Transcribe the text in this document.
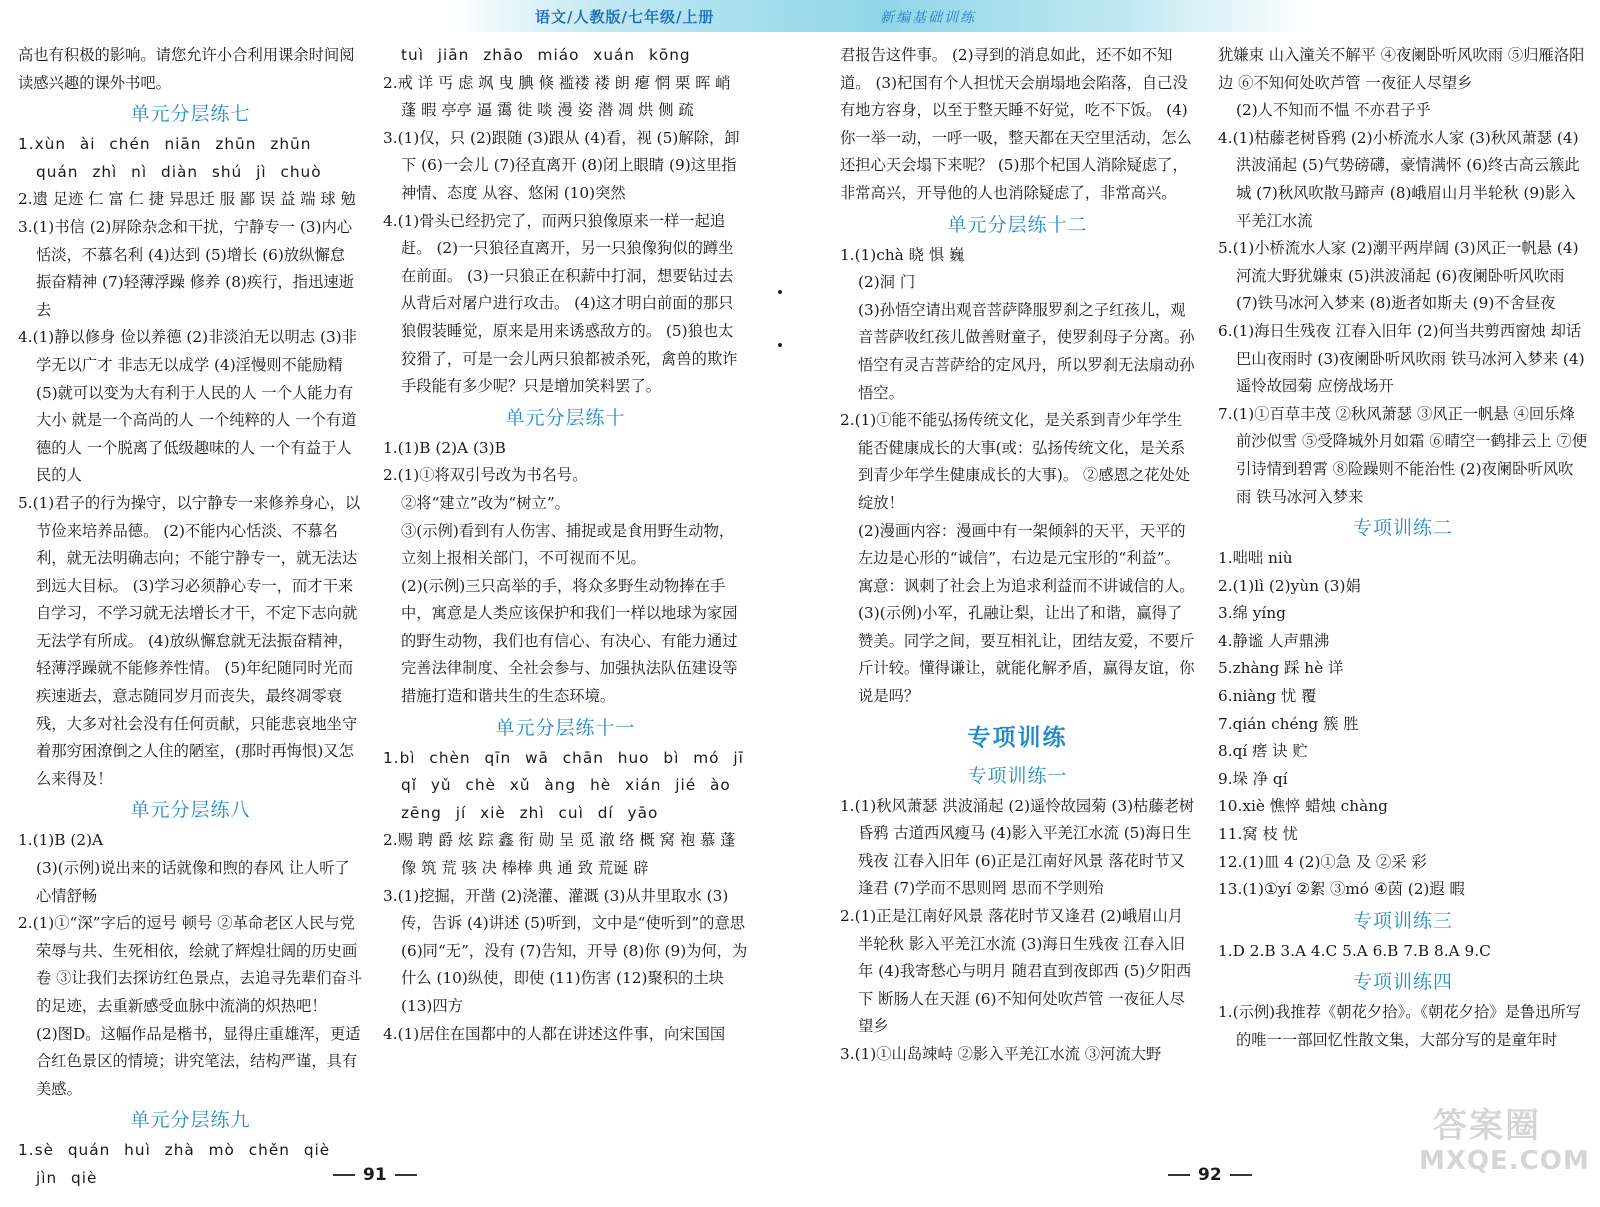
语文/人教版/七年级/上册	新编基础训练

高也有积极的影响。请您允许小合利用课余时间阅读感兴趣的课外书吧。

单元分层练七

1.xùn ài chén niān zhūn zhūn quán zhì nì diàn shú jì chuò

2.遗 足迹 仁 富 仁 捷 异思迁 服 鄙 误 益 端 球 勉

3.(1)书信 (2)屏除杂念和干扰，宁静专一 (3)内心恬淡，不慕名利 (4)达到 (5)增长 (6)放纵懈怠 振奋精神 (7)轻薄浮躁 修养 (8)疾行，指迅速逝去

4.(1)静以修身 俭以养德 (2)非淡泊无以明志 (3)非学无以广才 非志无以成学 (4)淫慢则不能励精 (5)就可以变为大有利于人民的人 一个人能力有大小 就是一个高尚的人 一个纯粹的人 一个有道德的人 一个脱离了低级趣味的人 一个有益于人民的人

5.(1)君子的行为操守，以宁静专一来修养身心，以节俭来培养品德。 (2)不能内心恬淡、不慕名利，就无法明确志向；不能宁静专一，就无法达到远大目标。 (3)学习必须静心专一，而才干来自学习，不学习就无法增长才干，不定下志向就无法学有所成。 (4)放纵懈怠就无法振奋精神，轻薄浮躁就不能修养性情。 (5)年纪随同时光而疾速逝去，意志随同岁月而丧失，最终凋零衰残，大多对社会没有任何贡献，只能悲哀地坐守着那穷困潦倒之人住的陋室，(那时再悔恨)又怎么来得及！

单元分层练八

1.(1)B (2)A

(3)(示例)说出来的话就像和煦的春风 让人听了心情舒畅

2.(1)①“深”字后的逗号 顿号 ②革命老区人民与党荣辱与共、生死相依，绘就了辉煌壮阔的历史画卷 ③让我们去探访红色景点，去追寻先辈们奋斗的足迹，去重新感受血脉中流淌的炽热吧！

(2)图D。这幅作品是楷书，显得庄重雄浑，更适合红色景区的情境；讲究笔法，结构严谨，具有美感。

单元分层练九

1.sè quán huì zhà mò chěn qiè jìn qiè

tuì jiān zhāo miáo xuán kōng

2.戒 详 丐 虑 飒 曳 腆 倏 褴褛 褛 朗 瘪 惘 栗 晖 峭 蓬 暇 亭亭 逼 霭 徙 啖 漫 姿 潜 凋 烘 侧 疏

3.(1)仅，只 (2)跟随 (3)跟从 (4)看，视 (5)解除，卸下 (6)一会儿 (7)径直离开 (8)闭上眼睛 (9)这里指神情、态度 从容、悠闲 (10)突然

4.(1)骨头已经扔完了，而两只狼像原来一样一起追赶。 (2)一只狼径直离开，另一只狼像狗似的蹲坐在前面。 (3)一只狼正在积薪中打洞，想要钻过去从背后对屠户进行攻击。 (4)这才明白前面的那只狼假装睡觉，原来是用来诱惑敌方的。 (5)狼也太狡猾了，可是一会儿两只狼都被杀死，禽兽的欺诈手段能有多少呢？只是增加笑料罢了。

单元分层练十

1.(1)B (2)A (3)B

2.(1)①将双引号改为书名号。

②将“建立”改为“树立”。

③(示例)看到有人伤害、捕捉或是食用野生动物，立刻上报相关部门，不可视而不见。

(2)(示例)三只高举的手，将众多野生动物捧在手中，寓意是人类应该保护和我们一样以地球为家园的野生动物，我们也有信心、有决心、有能力通过完善法律制度、全社会参与、加强执法队伍建设等措施打造和谐共生的生态环境。

单元分层练十一

1.bì chèn qīn wā chān huo bì mó jī qǐ yǔ chè xǔ àng hè xián jié ào zēng jí xiè zhì cuì dí yāo

2.赐 聘 爵 炫 踪 鑫 衔 勋 呈 觅 澈 络 概 窝 袍 慕 蓬 像 筑 荒 骇 决 棒棒 典 通 致 荒诞 辟

3.(1)挖掘，开凿 (2)浇灌、灌溉 (3)从井里取水 (3)传，告诉 (4)讲述 (5)听到，文中是“使听到”的意思 (6)同“无”，没有 (7)告知，开导 (8)你 (9)为何，为什么 (10)纵使，即使 (11)伤害 (12)聚积的土块 (13)四方

4.(1)居住在国都中的人都在讲述这件事，向宋国国

君报告这件事。 (2)寻到的消息如此，还不如不知道。 (3)杞国有个人担忧天会崩塌地会陷落，自己没有地方容身，以至于整天睡不好觉，吃不下饭。 (4)你一举一动，一呼一吸，整天都在天空里活动，怎么还担心天会塌下来呢？ (5)那个杞国人消除疑虑了，非常高兴，开导他的人也消除疑虑了，非常高兴。

单元分层练十二

1.(1)chà 晓 惧 巍

(2)洞 门

(3)孙悟空请出观音菩萨降服罗刹之子红孩儿，观音菩萨收红孩儿做善财童子，使罗刹母子分离。孙悟空有灵吉菩萨给的定风丹，所以罗刹无法扇动孙悟空。

2.(1)①能不能弘扬传统文化，是关系到青少年学生能否健康成长的大事(或：弘扬传统文化，是关系到青少年学生健康成长的大事)。 ②感恩之花处处绽放！

(2)漫画内容：漫画中有一架倾斜的天平，天平的左边是心形的“诚信”，右边是元宝形的“利益”。寓意：讽刺了社会上为追求利益而不讲诚信的人。

(3)(示例)小军，孔融让梨，让出了和谐，赢得了赞美。同学之间，要互相礼让，团结友爱，不要斤斤计较。懂得谦让，就能化解矛盾，赢得友谊，你说是吗？

专项训练
专项训练一

1.(1)秋风萧瑟 洪波涌起 (2)遥怜故园菊 (3)枯藤老树昏鸦 古道西风瘦马 (4)影入平羌江水流 (5)海日生残夜 江春入旧年 (6)正是江南好风景 落花时节又逢君 (7)学而不思则罔 思而不学则殆

2.(1)正是江南好风景 落花时节又逢君 (2)峨眉山月半轮秋 影入平羌江水流 (3)海日生残夜 江春入旧年 (4)我寄愁心与明月 随君直到夜郎西 (5)夕阳西下 断肠人在天涯 (6)不知何处吹芦管 一夜征人尽望乡

3.(1)①山岛竦峙 ②影入平羌江水流 ③河流大野

犹嫌束 山入潼关不解平 ④夜阑卧听风吹雨 ⑤归雁洛阳边 ⑥不知何处吹芦管 一夜征人尽望乡

(2)人不知而不愠 不亦君子乎

4.(1)枯藤老树昏鸦 (2)小桥流水人家 (3)秋风萧瑟 (4)洪波涌起 (5)气势磅礴，豪情满怀 (6)终古高云簇此城 (7)秋风吹散马蹄声 (8)峨眉山月半轮秋 (9)影入平羌江水流

5.(1)小桥流水人家 (2)潮平两岸阔 (3)风正一帆悬 (4)河流大野犹嫌束 (5)洪波涌起 (6)夜阑卧听风吹雨 (7)铁马冰河入梦来 (8)逝者如斯夫 (9)不舍昼夜

6.(1)海日生残夜 江春入旧年 (2)何当共剪西窗烛 却话巴山夜雨时 (3)夜阑卧听风吹雨 铁马冰河入梦来 (4)遥怜故园菊 应傍战场开

7.(1)①百草丰茂 ②秋风萧瑟 ③风正一帆悬 ④回乐烽前沙似雪 ⑤受降城外月如霜 ⑥晴空一鹤排云上 ⑦便引诗情到碧霄 ⑧险躁则不能治性 (2)夜阑卧听风吹雨 铁马冰河入梦来

专项训练二

1.咄咄 niù

2.(1)lì (2)yùn (3)娟

3.绵 yíng

4.静谧 人声鼎沸

5.zhàng 踩 hè 详

6.niàng 忧 覆

7.qián chéng 簇 胜

8.qí 瘩 诀 贮

9.垛 净 qí

10.xiè 憔悴 蜡烛 chàng

11.窝 枝 忧

12.(1)皿 4 (2)①急 及 ②采 彩

13.(1)①yí ②絮 ③mó ④茵 (2)遐 暇

专项训练三

1.D 2.B 3.A 4.C 5.A 6.B 7.B 8.A 9.C

专项训练四

1.(示例)我推荐《朝花夕拾》。《朝花夕拾》是鲁迅所写的唯一一部回忆性散文集，大部分写的是童年时

91	92
答案圈
MXQE.COM
